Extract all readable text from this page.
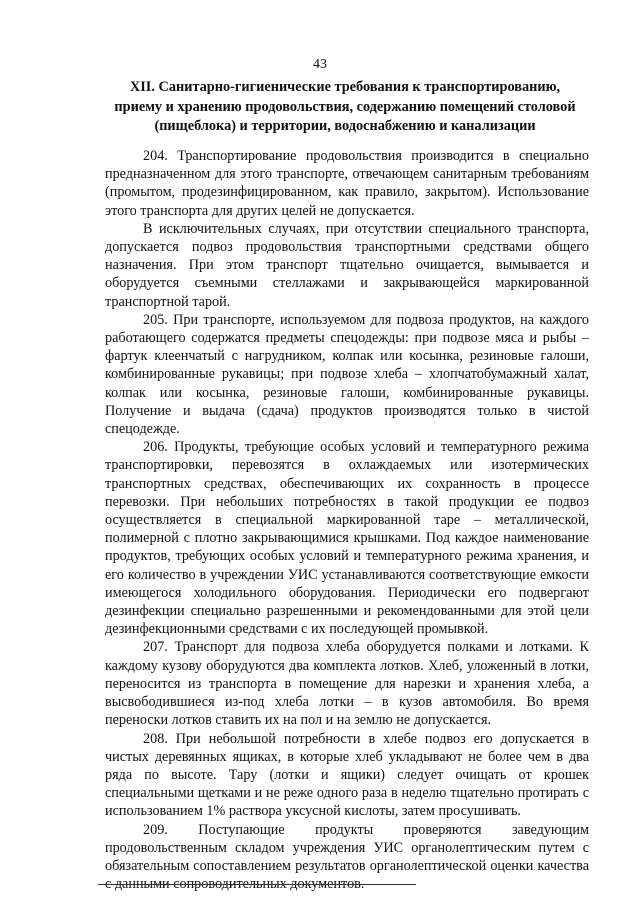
43
XII. Санитарно-гигиенические требования к транспортированию,
приему и хранению продовольствия, содержанию помещений столовой
(пищеблока) и территории, водоснабжению и канализации

204. Транспортирование продовольствия производится в специально предназначенном для этого транспорте, отвечающем санитарным требованиям (промытом, продезинфицированном, как правило, закрытом). Использование этого транспорта для других целей не допускается.

В исключительных случаях, при отсутствии специального транспорта, допускается подвоз продовольствия транспортными средствами общего назначения. При этом транспорт тщательно очищается, вымывается и оборудуется съемными стеллажами и закрывающейся маркированной транспортной тарой.

205. При транспорте, используемом для подвоза продуктов, на каждого работающего содержатся предметы спецодежды: при подвозе мяса и рыбы – фартук клеенчатый с нагрудником, колпак или косынка, резиновые галоши, комбинированные рукавицы; при подвозе хлеба – хлопчатобумажный халат, колпак или косынка, резиновые галоши, комбинированные рукавицы. Получение и выдача (сдача) продуктов производятся только в чистой спецодежде.

206. Продукты, требующие особых условий и температурного режима транспортировки, перевозятся в охлаждаемых или изотермических транспортных средствах, обеспечивающих их сохранность в процессе перевозки. При небольших потребностях в такой продукции ее подвоз осуществляется в специальной маркированной таре – металлической, полимерной с плотно закрывающимися крышками. Под каждое наименование продуктов, требующих особых условий и температурного режима хранения, и его количество в учреждении УИС устанавливаются соответствующие емкости имеющегося холодильного оборудования. Периодически его подвергают дезинфекции специально разрешенными и рекомендованными для этой цели дезинфекционными средствами с их последующей промывкой.

207. Транспорт для подвоза хлеба оборудуется полками и лотками. К каждому кузову оборудуются два комплекта лотков. Хлеб, уложенный в лотки, переносится из транспорта в помещение для нарезки и хранения хлеба, а высвободившиеся из-под хлеба лотки – в кузов автомобиля. Во время переноски лотков ставить их на пол и на землю не допускается.

208. При небольшой потребности в хлебе подвоз его допускается в чистых деревянных ящиках, в которые хлеб укладывают не более чем в два ряда по высоте. Тару (лотки и ящики) следует очищать от крошек специальными щетками и не реже одного раза в неделю тщательно протирать с использованием 1% раствора уксусной кислоты, затем просушивать.

209. Поступающие продукты проверяются заведующим продовольственным складом учреждения УИС органолептическим путем с обязательным сопоставлением результатов органолептической оценки качества с данными сопроводительных документов.
